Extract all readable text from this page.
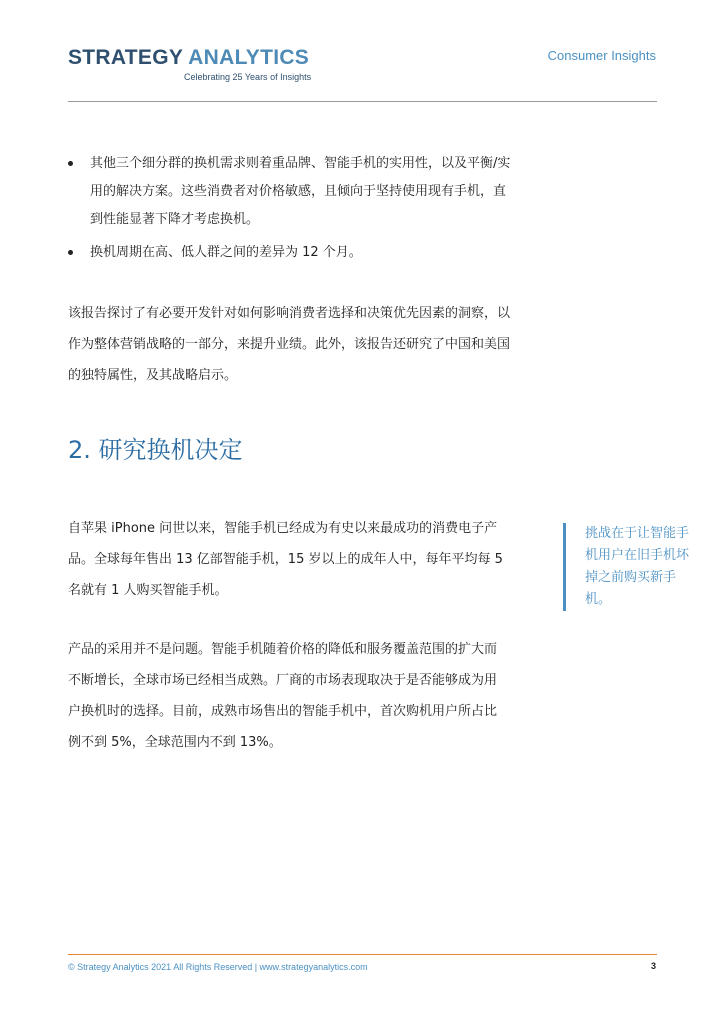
STRATEGY ANALYTICS
Celebrating 25 Years of Insights
Consumer Insights
其他三个细分群的换机需求则着重品牌、智能手机的实用性，以及平衡/实用的解决方案。这些消费者对价格敏感，且倾向于坚持使用现有手机，直到性能显著下降才考虑换机。
换机周期在高、低人群之间的差异为 12 个月。

该报告探讨了有必要开发针对如何影响消费者选择和决策优先因素的洞察，以作为整体营销战略的一部分，来提升业绩。此外，该报告还研究了中国和美国的独特属性，及其战略启示。

2. 研究换机决定

自苹果 iPhone 问世以来，智能手机已经成为有史以来最成功的消费电子产品。全球每年售出 13 亿部智能手机，15 岁以上的成年人中，每年平均每 5 名就有 1 人购买智能手机。

挑战在于让智能手机用户在旧手机坏掉之前购买新手机。

产品的采用并不是问题。智能手机随着价格的降低和服务覆盖范围的扩大而不断增长，全球市场已经相当成熟。厂商的市场表现取决于是否能够成为用户换机时的选择。目前，成熟市场售出的智能手机中，首次购机用户所占比例不到 5%，全球范围内不到 13%。

© Strategy Analytics 2021 All Rights Reserved | www.strategyanalytics.com	3
